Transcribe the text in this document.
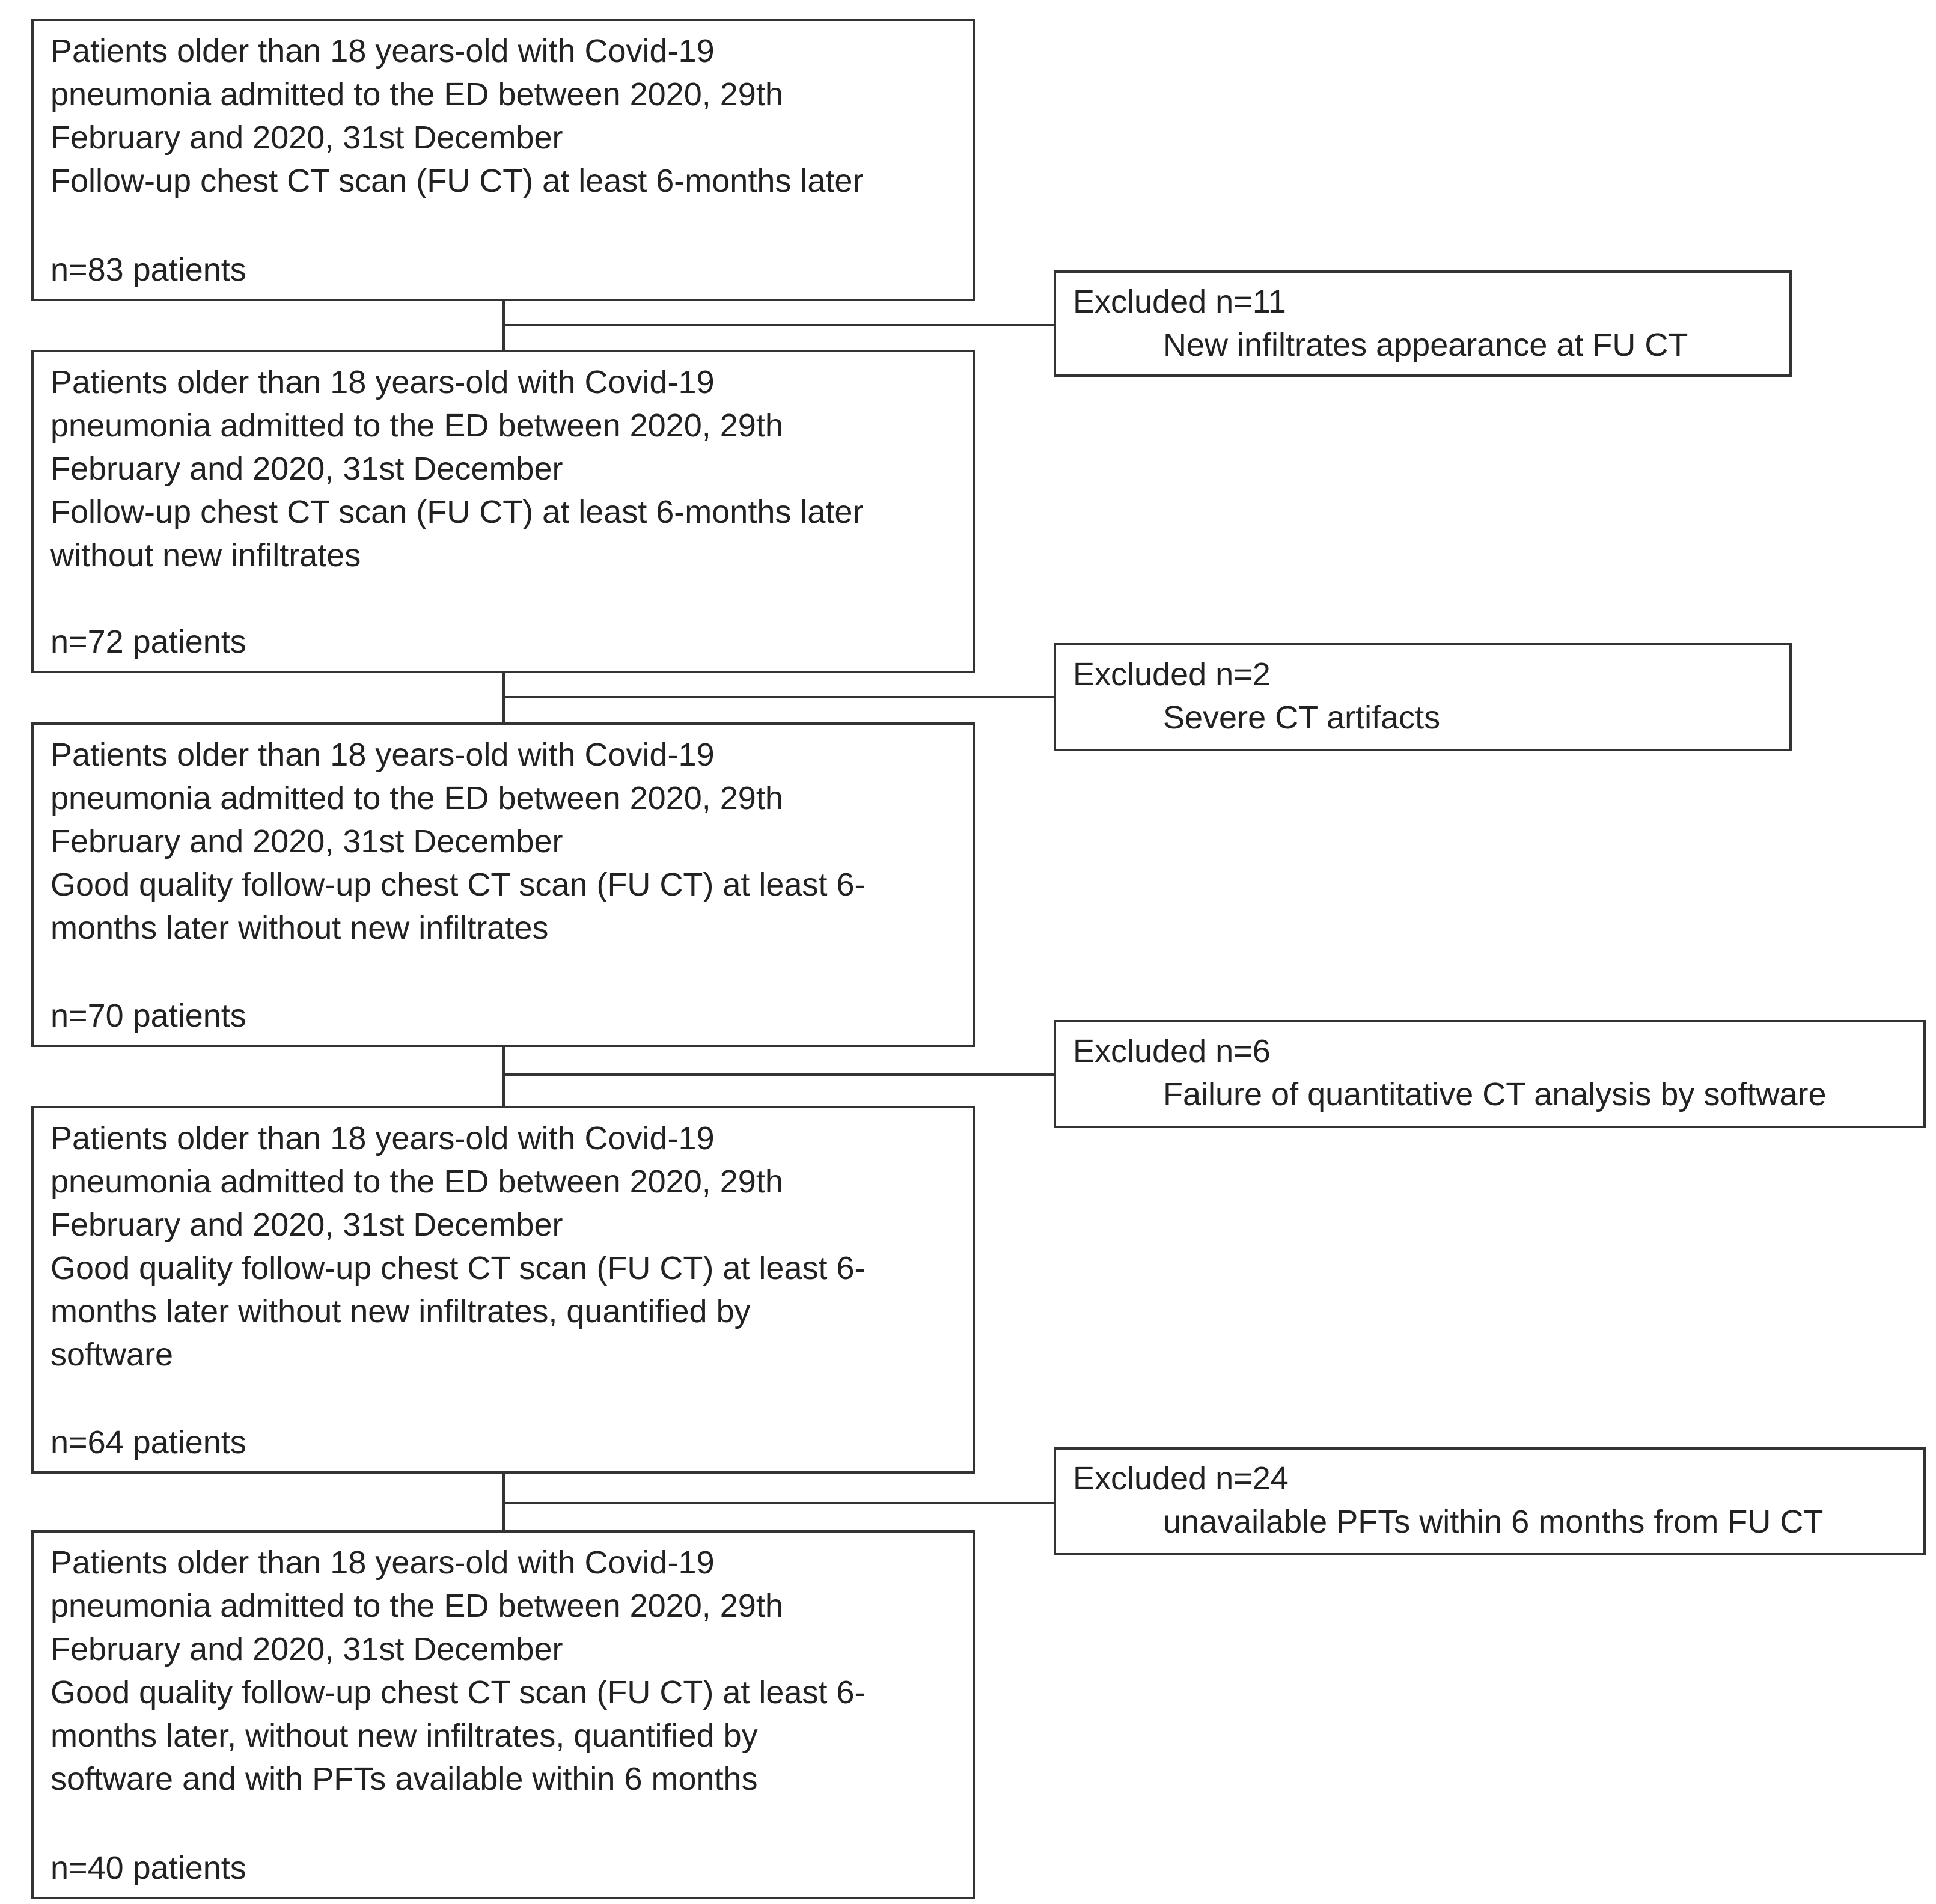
Patients older than 18 years-old with Covid-19
pneumonia admitted to the ED between 2020, 29th
February and 2020, 31st December
Follow-up chest CT scan (FU CT) at least 6-months later
n=83 patients
Patients older than 18 years-old with Covid-19
pneumonia admitted to the ED between 2020, 29th
February and 2020, 31st December
Follow-up chest CT scan (FU CT) at least 6-months later
without new infiltrates
n=72 patients
Patients older than 18 years-old with Covid-19
pneumonia admitted to the ED between 2020, 29th
February and 2020, 31st December
Good quality follow-up chest CT scan (FU CT) at least 6-
months later without new infiltrates
n=70 patients
Patients older than 18 years-old with Covid-19
pneumonia admitted to the ED between 2020, 29th
February and 2020, 31st December
Good quality follow-up chest CT scan (FU CT) at least 6-
months later without new infiltrates, quantified by
software
n=64 patients
Patients older than 18 years-old with Covid-19
pneumonia admitted to the ED between 2020, 29th
February and 2020, 31st December
Good quality follow-up chest CT scan (FU CT) at least 6-
months later, without new infiltrates, quantified by
software and with PFTs available within 6 months
n=40 patients
Excluded n=11
New infiltrates appearance at FU CT
Excluded n=2
Severe CT artifacts
Excluded n=6
Failure of quantitative CT analysis by software
Excluded n=24
unavailable PFTs within 6 months from FU CT
